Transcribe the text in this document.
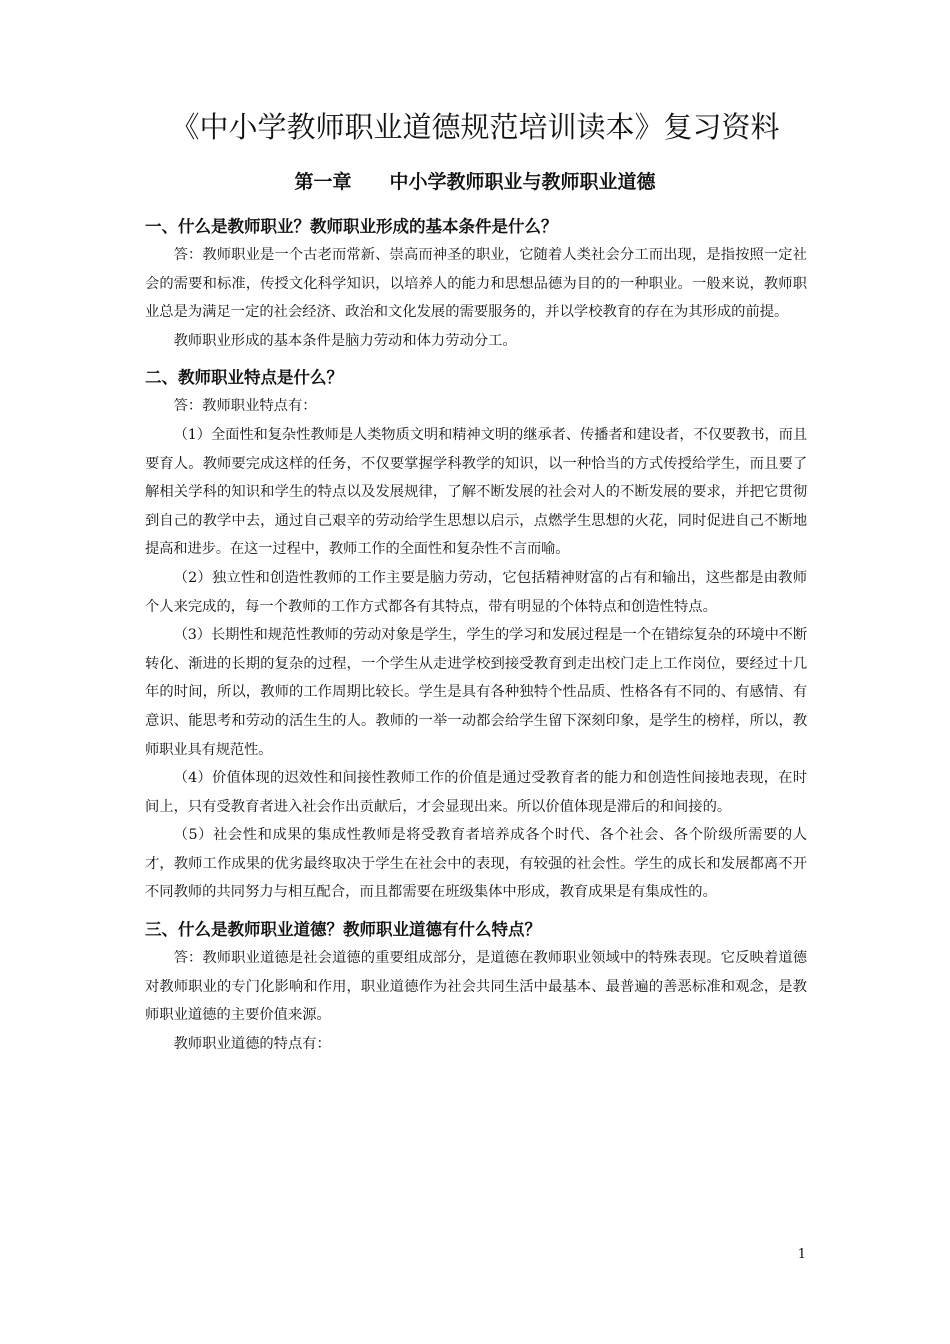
《中小学教师职业道德规范培训读本》复习资料
第一章　　中小学教师职业与教师职业道德
一、什么是教师职业？教师职业形成的基本条件是什么？

答：教师职业是一个古老而常新、崇高而神圣的职业，它随着人类社会分工而出现，是指按照一定社会的需要和标准，传授文化科学知识，以培养人的能力和思想品德为目的的一种职业。一般来说，教师职业总是为满足一定的社会经济、政治和文化发展的需要服务的，并以学校教育的存在为其形成的前提。

教师职业形成的基本条件是脑力劳动和体力劳动分工。

二、教师职业特点是什么？

答：教师职业特点有：

（1）全面性和复杂性教师是人类物质文明和精神文明的继承者、传播者和建设者，不仅要教书，而且要育人。教师要完成这样的任务，不仅要掌握学科教学的知识，以一种恰当的方式传授给学生，而且要了解相关学科的知识和学生的特点以及发展规律，了解不断发展的社会对人的不断发展的要求，并把它贯彻到自己的教学中去，通过自己艰辛的劳动给学生思想以启示，点燃学生思想的火花，同时促进自己不断地提高和进步。在这一过程中，教师工作的全面性和复杂性不言而喻。

（2）独立性和创造性教师的工作主要是脑力劳动，它包括精神财富的占有和输出，这些都是由教师个人来完成的，每一个教师的工作方式都各有其特点，带有明显的个体特点和创造性特点。

（3）长期性和规范性教师的劳动对象是学生，学生的学习和发展过程是一个在错综复杂的环境中不断转化、渐进的长期的复杂的过程，一个学生从走进学校到接受教育到走出校门走上工作岗位，要经过十几年的时间，所以，教师的工作周期比较长。学生是具有各种独特个性品质、性格各有不同的、有感情、有意识、能思考和劳动的活生生的人。教师的一举一动都会给学生留下深刻印象，是学生的榜样，所以，教师职业具有规范性。

（4）价值体现的迟效性和间接性教师工作的价值是通过受教育者的能力和创造性间接地表现，在时间上，只有受教育者进入社会作出贡献后，才会显现出来。所以价值体现是滞后的和间接的。

（5）社会性和成果的集成性教师是将受教育者培养成各个时代、各个社会、各个阶级所需要的人才，教师工作成果的优劣最终取决于学生在社会中的表现，有较强的社会性。学生的成长和发展都离不开不同教师的共同努力与相互配合，而且都需要在班级集体中形成，教育成果是有集成性的。

三、什么是教师职业道德？教师职业道德有什么特点？

答：教师职业道德是社会道德的重要组成部分，是道德在教师职业领域中的特殊表现。它反映着道德对教师职业的专门化影响和作用，职业道德作为社会共同生活中最基本、最普遍的善恶标准和观念，是教师职业道德的主要价值来源。

教师职业道德的特点有：

1
